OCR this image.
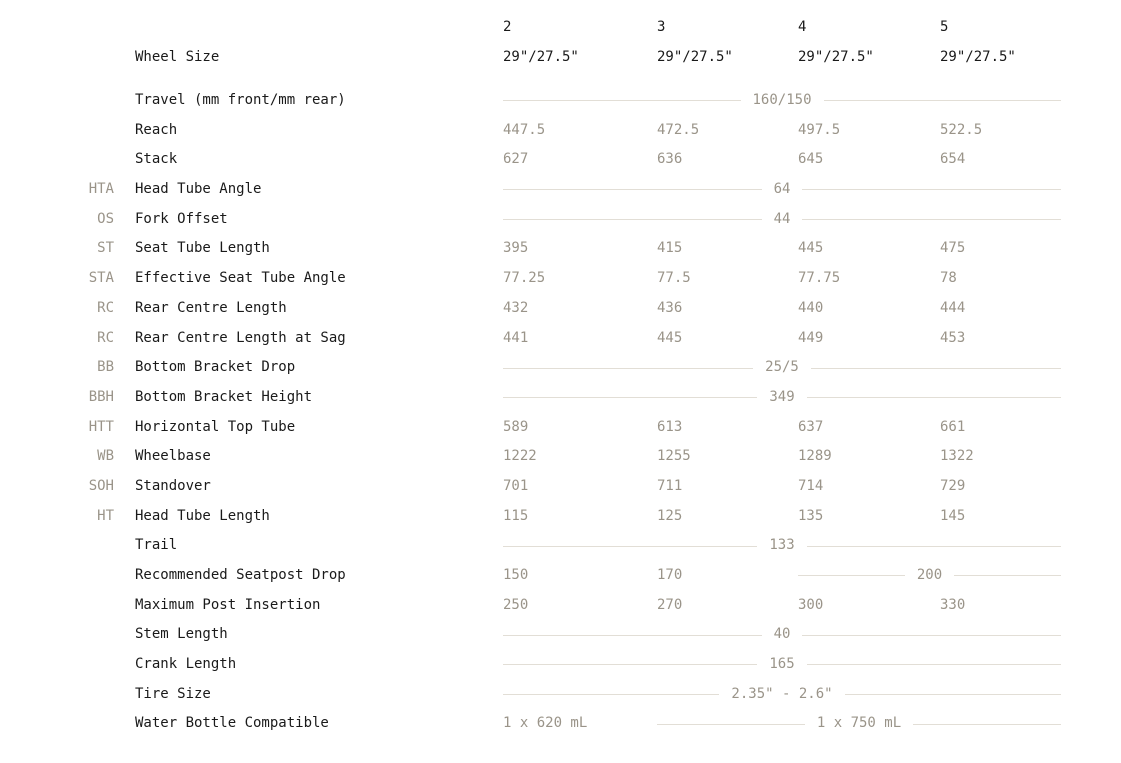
2	3	4	5
Wheel Size	29"/27.5"	29"/27.5"	29"/27.5"	29"/27.5"
Travel (mm front/mm rear)	160/150
Reach	447.5	472.5	497.5	522.5
Stack	627	636	645	654
HTA Head Tube Angle	64
OS Fork Offset	44
ST Seat Tube Length	395	415	445	475
STA Effective Seat Tube Angle	77.25	77.5	77.75	78
RC Rear Centre Length	432	436	440	444
RC Rear Centre Length at Sag	441	445	449	453
BB Bottom Bracket Drop	25/5
BBH Bottom Bracket Height	349
HTT Horizontal Top Tube	589	613	637	661
WB Wheelbase	1222	1255	1289	1322
SOH Standover	701	711	714	729
HT Head Tube Length	115	125	135	145
Trail	133
Recommended Seatpost Drop	150	170	200
Maximum Post Insertion	250	270	300	330
Stem Length	40
Crank Length	165
Tire Size	2.35" - 2.6"
Water Bottle Compatible	1 x 620 mL	1 x 750 mL
